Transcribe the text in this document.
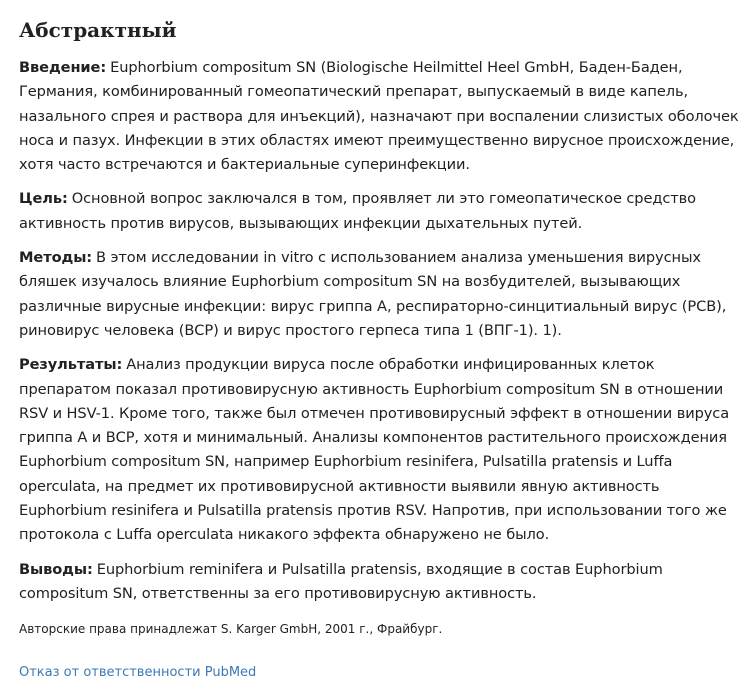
Абстрактный

Введение: Euphorbium compositum SN (Biologische Heilmittel Heel GmbH, Баден-Баден, Германия, комбинированный гомеопатический препарат, выпускаемый в виде капель, назального спрея и раствора для инъекций), назначают при воспалении слизистых оболочек носа и пазух. Инфекции в этих областях имеют преимущественно вирусное происхождение, хотя часто встречаются и бактериальные суперинфекции.

Цель: Основной вопрос заключался в том, проявляет ли это гомеопатическое средство активность против вирусов, вызывающих инфекции дыхательных путей.

Методы: В этом исследовании in vitro с использованием анализа уменьшения вирусных бляшек изучалось влияние Euphorbium compositum SN на возбудителей, вызывающих различные вирусные инфекции: вирус гриппа А, респираторно-синцитиальный вирус (РСВ), риновирус человека (ВСР) и вирус простого герпеса типа 1 (ВПГ-1). 1).

Результаты: Анализ продукции вируса после обработки инфицированных клеток препаратом показал противовирусную активность Euphorbium compositum SN в отношении RSV и HSV-1. Кроме того, также был отмечен противовирусный эффект в отношении вируса гриппа А и ВСР, хотя и минимальный. Анализы компонентов растительного происхождения Euphorbium compositum SN, например Euphorbium resinifera, Pulsatilla pratensis и Luffa operculata, на предмет их противовирусной активности выявили явную активность Euphorbium resinifera и Pulsatilla pratensis против RSV. Напротив, при использовании того же протокола с Luffa operculata никакого эффекта обнаружено не было.

Выводы: Euphorbium reminifera и Pulsatilla pratensis, входящие в состав Euphorbium compositum SN, ответственны за его противовирусную активность.

Авторские права принадлежат S. Karger GmbH, 2001 г., Фрайбург.

Отказ от ответственности PubMed
